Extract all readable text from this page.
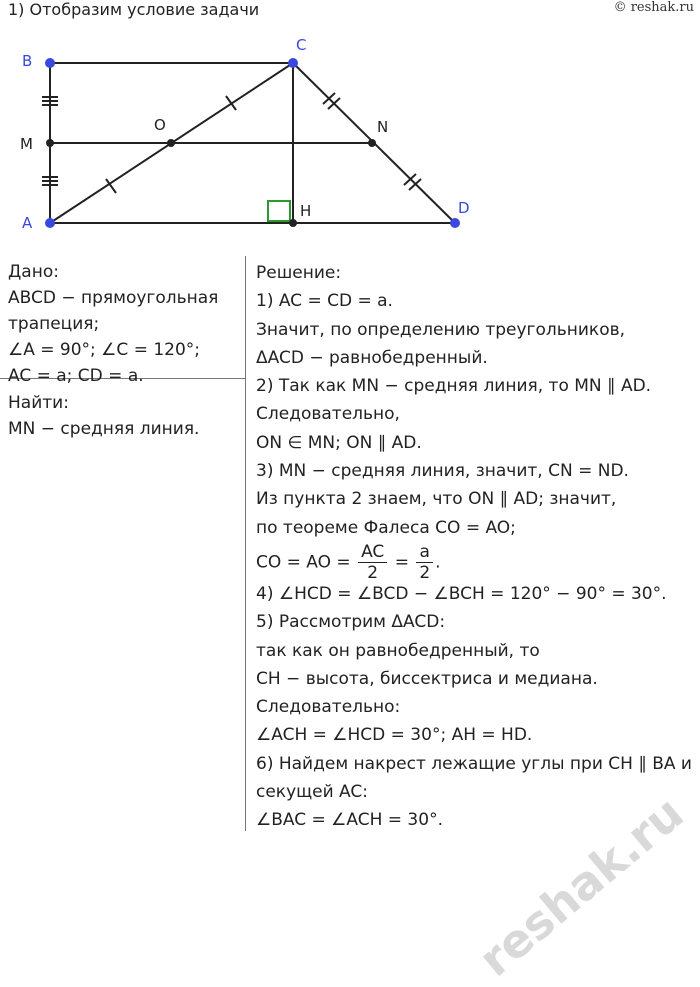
1) Отобразим условие задачи	© reshak.ru
B
C
M
O	N
A
H	D
Дано:
ABCD − прямоугольная
трапеция;
∠A = 90°; ∠C = 120°;
AC = a; CD = a.
Найти:
MN − средняя линия.
Решение:
1) AC = CD = a.
Значит, по определению треугольников,
ΔACD − равнобедренный.
2) Так как MN − средняя линия, то MN ∥ AD.
Следовательно,
ON ∈ MN; ON ∥ AD.
3) MN − средняя линия, значит, CN = ND.
Из пункта 2 знаем, что ON ∥ AD; значит,
по теореме Фалеса CO = AO;
CO = AO = $\frac{AC}{2} = \frac{a}{2}$ .
4) ∠HCD = ∠BCD − ∠BCH = 120° − 90° = 30°.
5) Рассмотрим ΔACD:
так как он равнобедренный, то
CH − высота, биссектриса и медиана.
Следовательно:
∠ACH = ∠HCD = 30°; AH = HD.
6) Найдем накрест лежащие углы при CH ∥ BA и
секущей AC:
∠BAC = ∠ACH = 30°. reshak.ru
